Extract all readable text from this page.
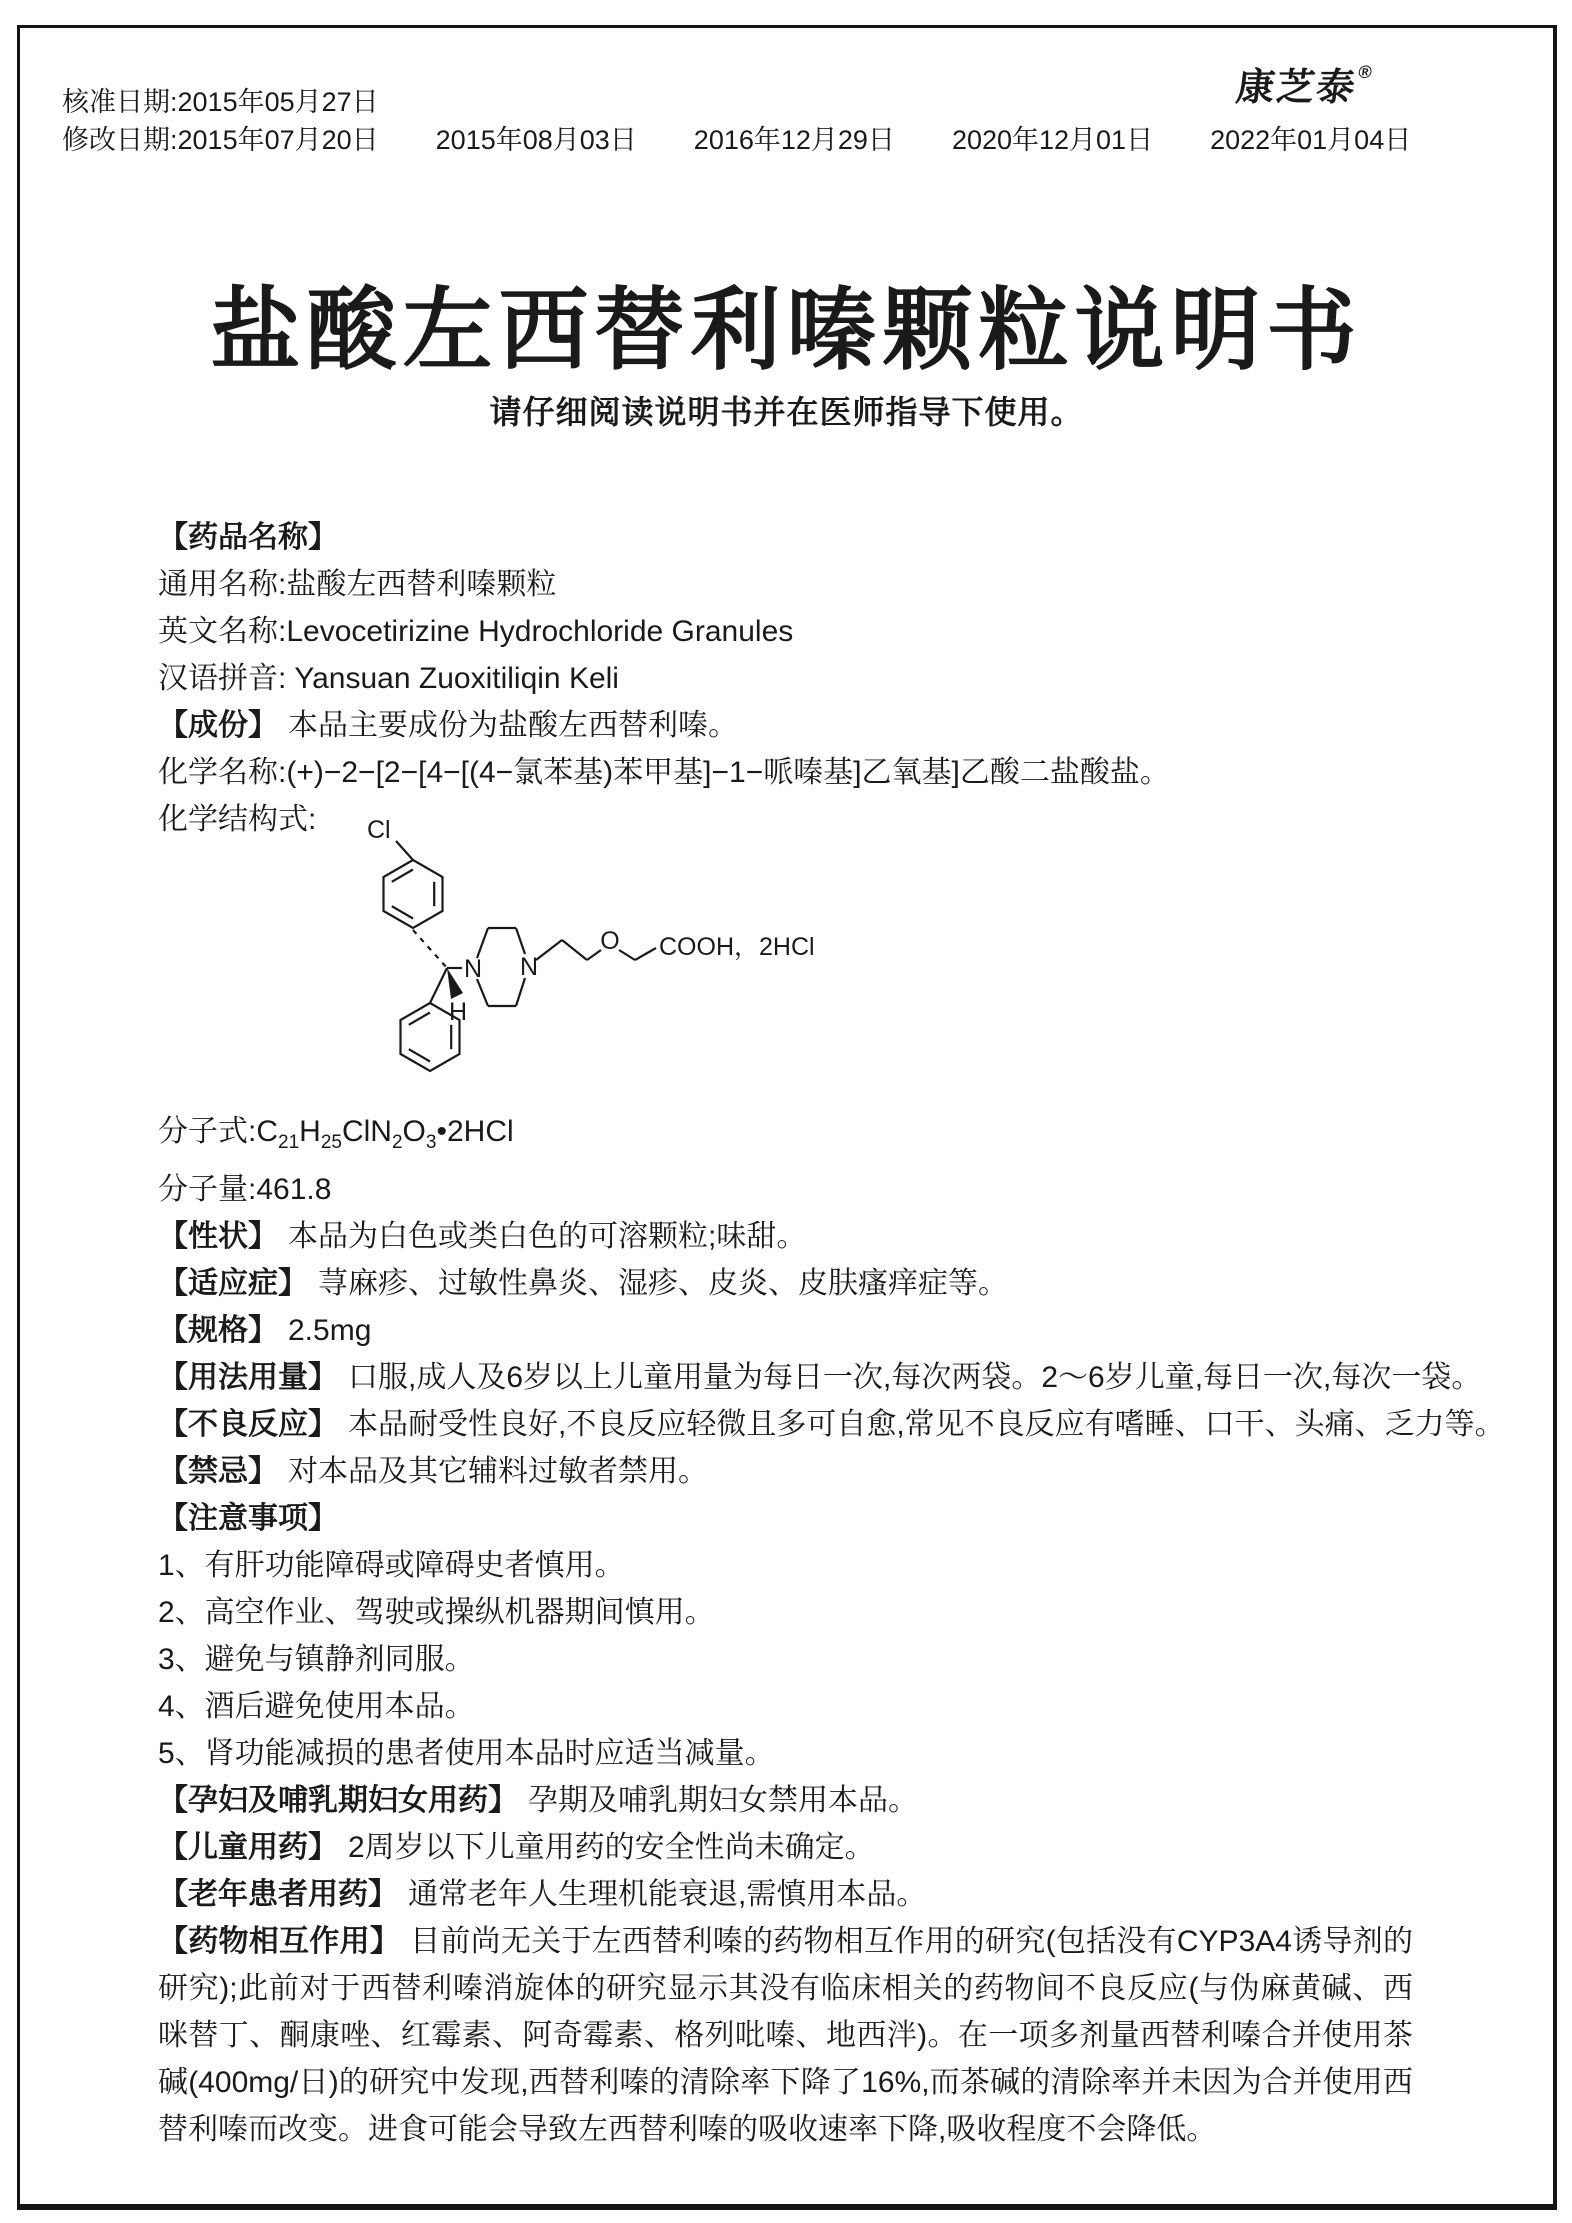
核准日期:2015年05月27日
修改日期:2015年07月20日 2015年08月03日 2016年12月29日 2020年12月01日 2022年01月04日
康芝泰®
盐酸左西替利嗪颗粒说明书
请仔细阅读说明书并在医师指导下使用。

【药品名称】

通用名称:盐酸左西替利嗪颗粒

英文名称:Levocetirizine Hydrochloride Granules

汉语拼音: Yansuan Zuoxitiliqin Keli

【成份】 本品主要成份为盐酸左西替利嗪。

化学名称:(+)−2−[2−[4−[(4−氯苯基)苯甲基]−1−哌嗪基]乙氧基]乙酸二盐酸盐。

化学结构式:	Cl
H
N N
O COOH，2HCl

分子式$:C_{21}H_{25}ClN_2O_3•2HCl$

分子量:461.8

【性状】 本品为白色或类白色的可溶颗粒;味甜。

【适应症】 荨麻疹、过敏性鼻炎、湿疹、皮炎、皮肤瘙痒症等。

【规格】 2.5mg

【用法用量】 口服,成人及6岁以上儿童用量为每日一次,每次两袋。2～6岁儿童,每日一次,每次一袋。

【不良反应】 本品耐受性良好,不良反应轻微且多可自愈,常见不良反应有嗜睡、口干、头痛、乏力等。

【禁忌】 对本品及其它辅料过敏者禁用。

【注意事项】

1、有肝功能障碍或障碍史者慎用。

2、高空作业、驾驶或操纵机器期间慎用。

3、避免与镇静剂同服。

4、酒后避免使用本品。

5、肾功能减损的患者使用本品时应适当减量。

【孕妇及哺乳期妇女用药】 孕期及哺乳期妇女禁用本品。

【儿童用药】 2周岁以下儿童用药的安全性尚未确定。

【老年患者用药】 通常老年人生理机能衰退,需慎用本品。

【药物相互作用】 目前尚无关于左西替利嗪的药物相互作用的研究(包括没有CYP3A4诱导剂的研究);此前对于西替利嗪消旋体的研究显示其没有临床相关的药物间不良反应(与伪麻黄碱、西咪替丁、酮康唑、红霉素、阿奇霉素、格列吡嗪、地西泮)。在一项多剂量西替利嗪合并使用茶碱(400mg/日)的研究中发现,西替利嗪的清除率下降了16%,而茶碱的清除率并未因为合并使用西替利嗪而改变。进食可能会导致左西替利嗪的吸收速率下降,吸收程度不会降低。
